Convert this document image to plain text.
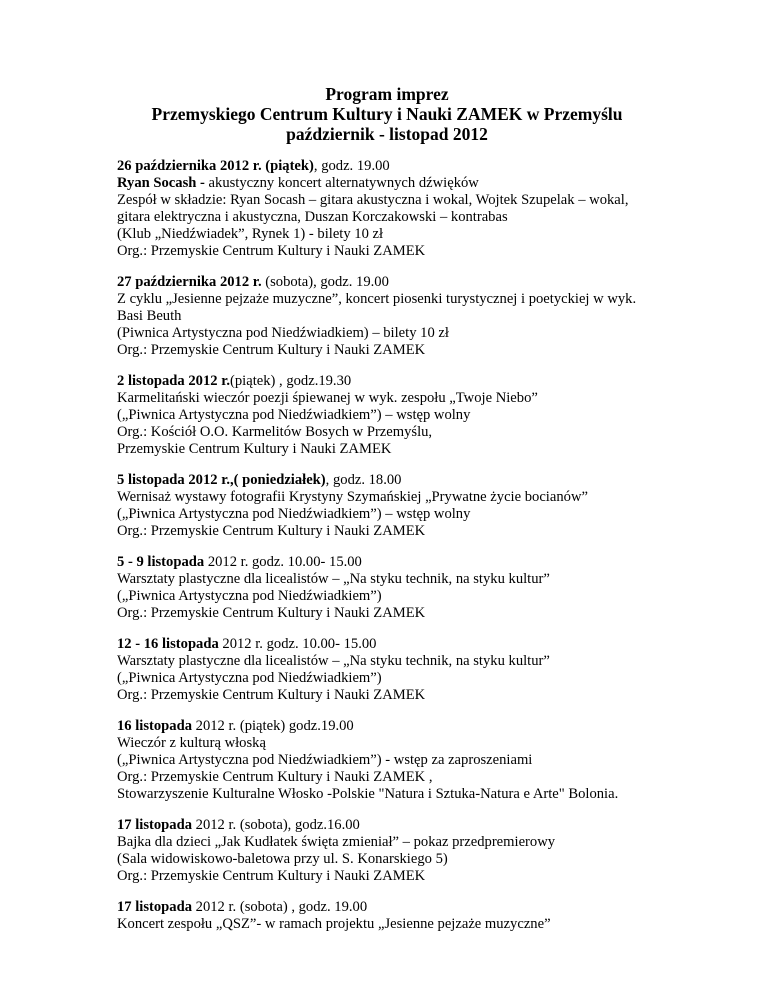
Program imprez
Przemyskiego Centrum Kultury i Nauki ZAMEK w Przemyślu
październik - listopad 2012
26 października 2012 r. (piątek), godz. 19.00
Ryan Socash - akustyczny koncert alternatywnych dźwięków
Zespół w składzie: Ryan Socash – gitara akustyczna i wokal, Wojtek Szupelak – wokal, gitara elektryczna i akustyczna, Duszan Korczakowski – kontrabas
(Klub „Niedźwiadek”, Rynek 1) - bilety 10 zł
Org.: Przemyskie Centrum Kultury i Nauki ZAMEK
27 października 2012 r. (sobota), godz. 19.00
Z cyklu „Jesienne pejzaże muzyczne”, koncert piosenki turystycznej i poetyckiej w wyk. Basi Beuth
(Piwnica Artystyczna pod Niedźwiadkiem) – bilety 10 zł
Org.: Przemyskie Centrum Kultury i Nauki ZAMEK
2 listopada 2012 r.(piątek) , godz.19.30
Karmelitański wieczór poezji śpiewanej w wyk. zespołu „Twoje Niebo”
(„Piwnica Artystyczna pod Niedźwiadkiem”) – wstęp wolny
Org.: Kościół O.O. Karmelitów Bosych w Przemyślu,
Przemyskie Centrum Kultury i Nauki ZAMEK
5 listopada 2012 r.,( poniedziałek), godz. 18.00
Wernisaż wystawy fotografii Krystyny Szymańskiej „Prywatne życie bocianów”
(„Piwnica Artystyczna pod Niedźwiadkiem”) – wstęp wolny
Org.: Przemyskie Centrum Kultury i Nauki ZAMEK
5 - 9 listopada 2012 r. godz. 10.00- 15.00
Warsztaty plastyczne dla licealistów – „Na styku technik, na styku kultur”
(„Piwnica Artystyczna pod Niedźwiadkiem”)
Org.: Przemyskie Centrum Kultury i Nauki ZAMEK
12 - 16 listopada 2012 r. godz. 10.00- 15.00
Warsztaty plastyczne dla licealistów – „Na styku technik, na styku kultur”
(„Piwnica Artystyczna pod Niedźwiadkiem”)
Org.: Przemyskie Centrum Kultury i Nauki ZAMEK
16 listopada 2012 r. (piątek) godz.19.00
Wieczór z kulturą włoską
(„Piwnica Artystyczna pod Niedźwiadkiem”) - wstęp za zaproszeniami
Org.: Przemyskie Centrum Kultury i Nauki ZAMEK ,
Stowarzyszenie Kulturalne Włosko -Polskie "Natura i Sztuka-Natura e Arte" Bolonia.
17 listopada 2012 r. (sobota), godz.16.00
Bajka dla dzieci „Jak Kudłatek święta zmieniał” – pokaz przedpremierowy
(Sala widowiskowo-baletowa przy ul. S. Konarskiego 5)
Org.: Przemyskie Centrum Kultury i Nauki ZAMEK
17 listopada 2012 r. (sobota) , godz. 19.00
Koncert zespołu „QSZ”- w ramach projektu „Jesienne pejzaże muzyczne”
